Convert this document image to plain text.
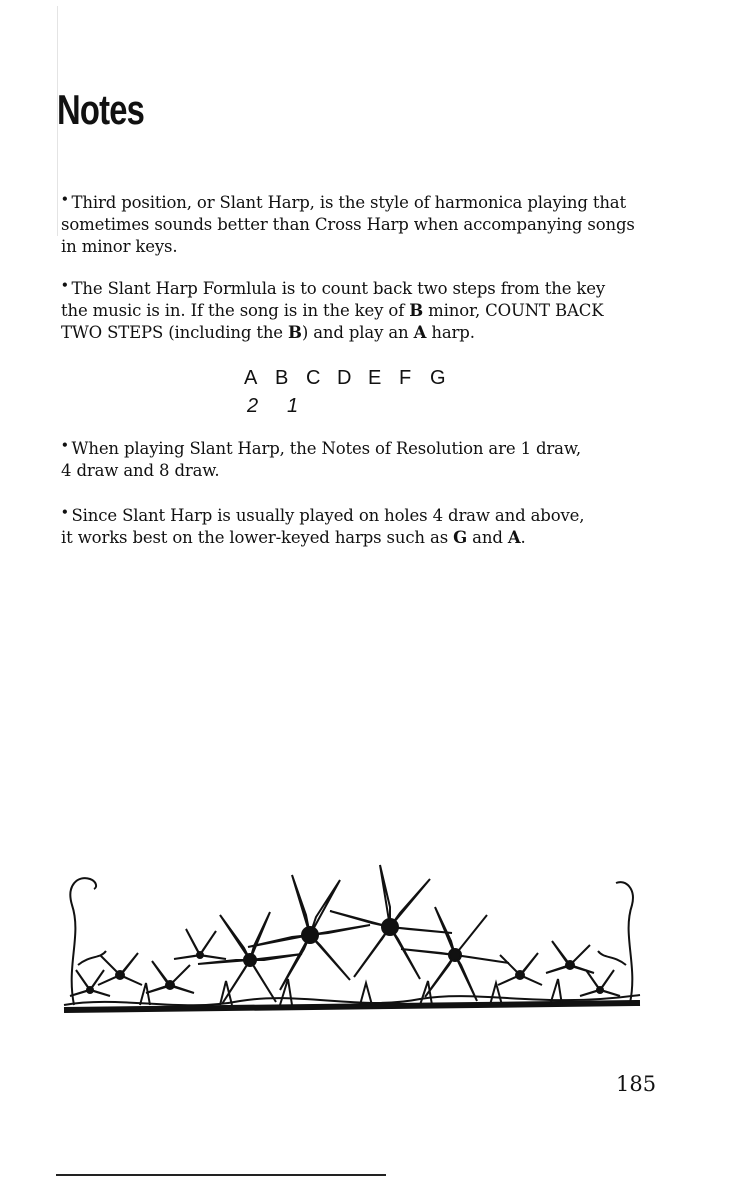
Notes

• Third position, or Slant Harp, is the style of harmonica playing that
sometimes sounds better than Cross Harp when accompanying songs
in minor keys.

• The Slant Harp Formlula is to count back two steps from the key
the music is in. If the song is in the key of B minor, COUNT BACK
TWO STEPS (including the B) and play an A harp.

A B C D E F G
2	1

• When playing Slant Harp, the Notes of Resolution are 1 draw,
4 draw and 8 draw.

• Since Slant Harp is usually played on holes 4 draw and above,
it works best on the lower-keyed harps such as G and A.

185
